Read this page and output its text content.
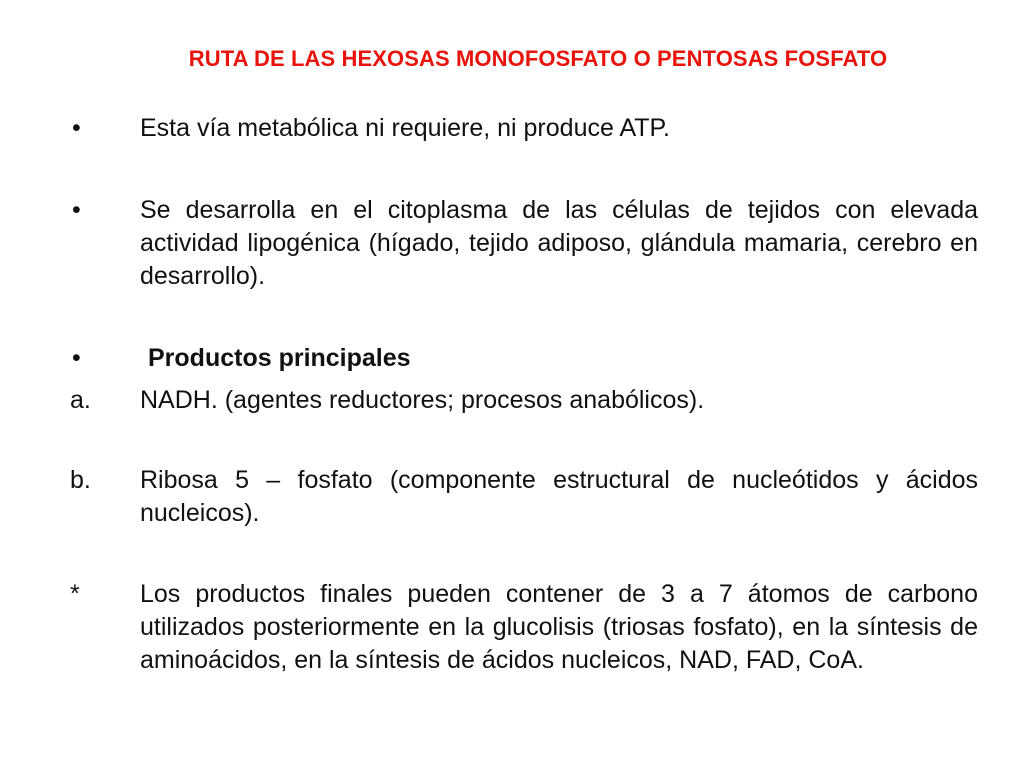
RUTA DE LAS HEXOSAS MONOFOSFATO O PENTOSAS FOSFATO
• Esta vía metabólica ni requiere, ni produce ATP.
• Se desarrolla en el citoplasma de las células de tejidos con elevada actividad lipogénica (hígado, tejido adiposo, glándula mamaria, cerebro en desarrollo).
•	Productos principales
a. NADH. (agentes reductores; procesos anabólicos).
b. Ribosa 5 – fosfato (componente estructural de nucleótidos y ácidos nucleicos).
* Los productos finales pueden contener de 3 a 7 átomos de carbono utilizados posteriormente en la glucolisis (triosas fosfato), en la síntesis de aminoácidos, en la síntesis de ácidos nucleicos, NAD, FAD, CoA.
